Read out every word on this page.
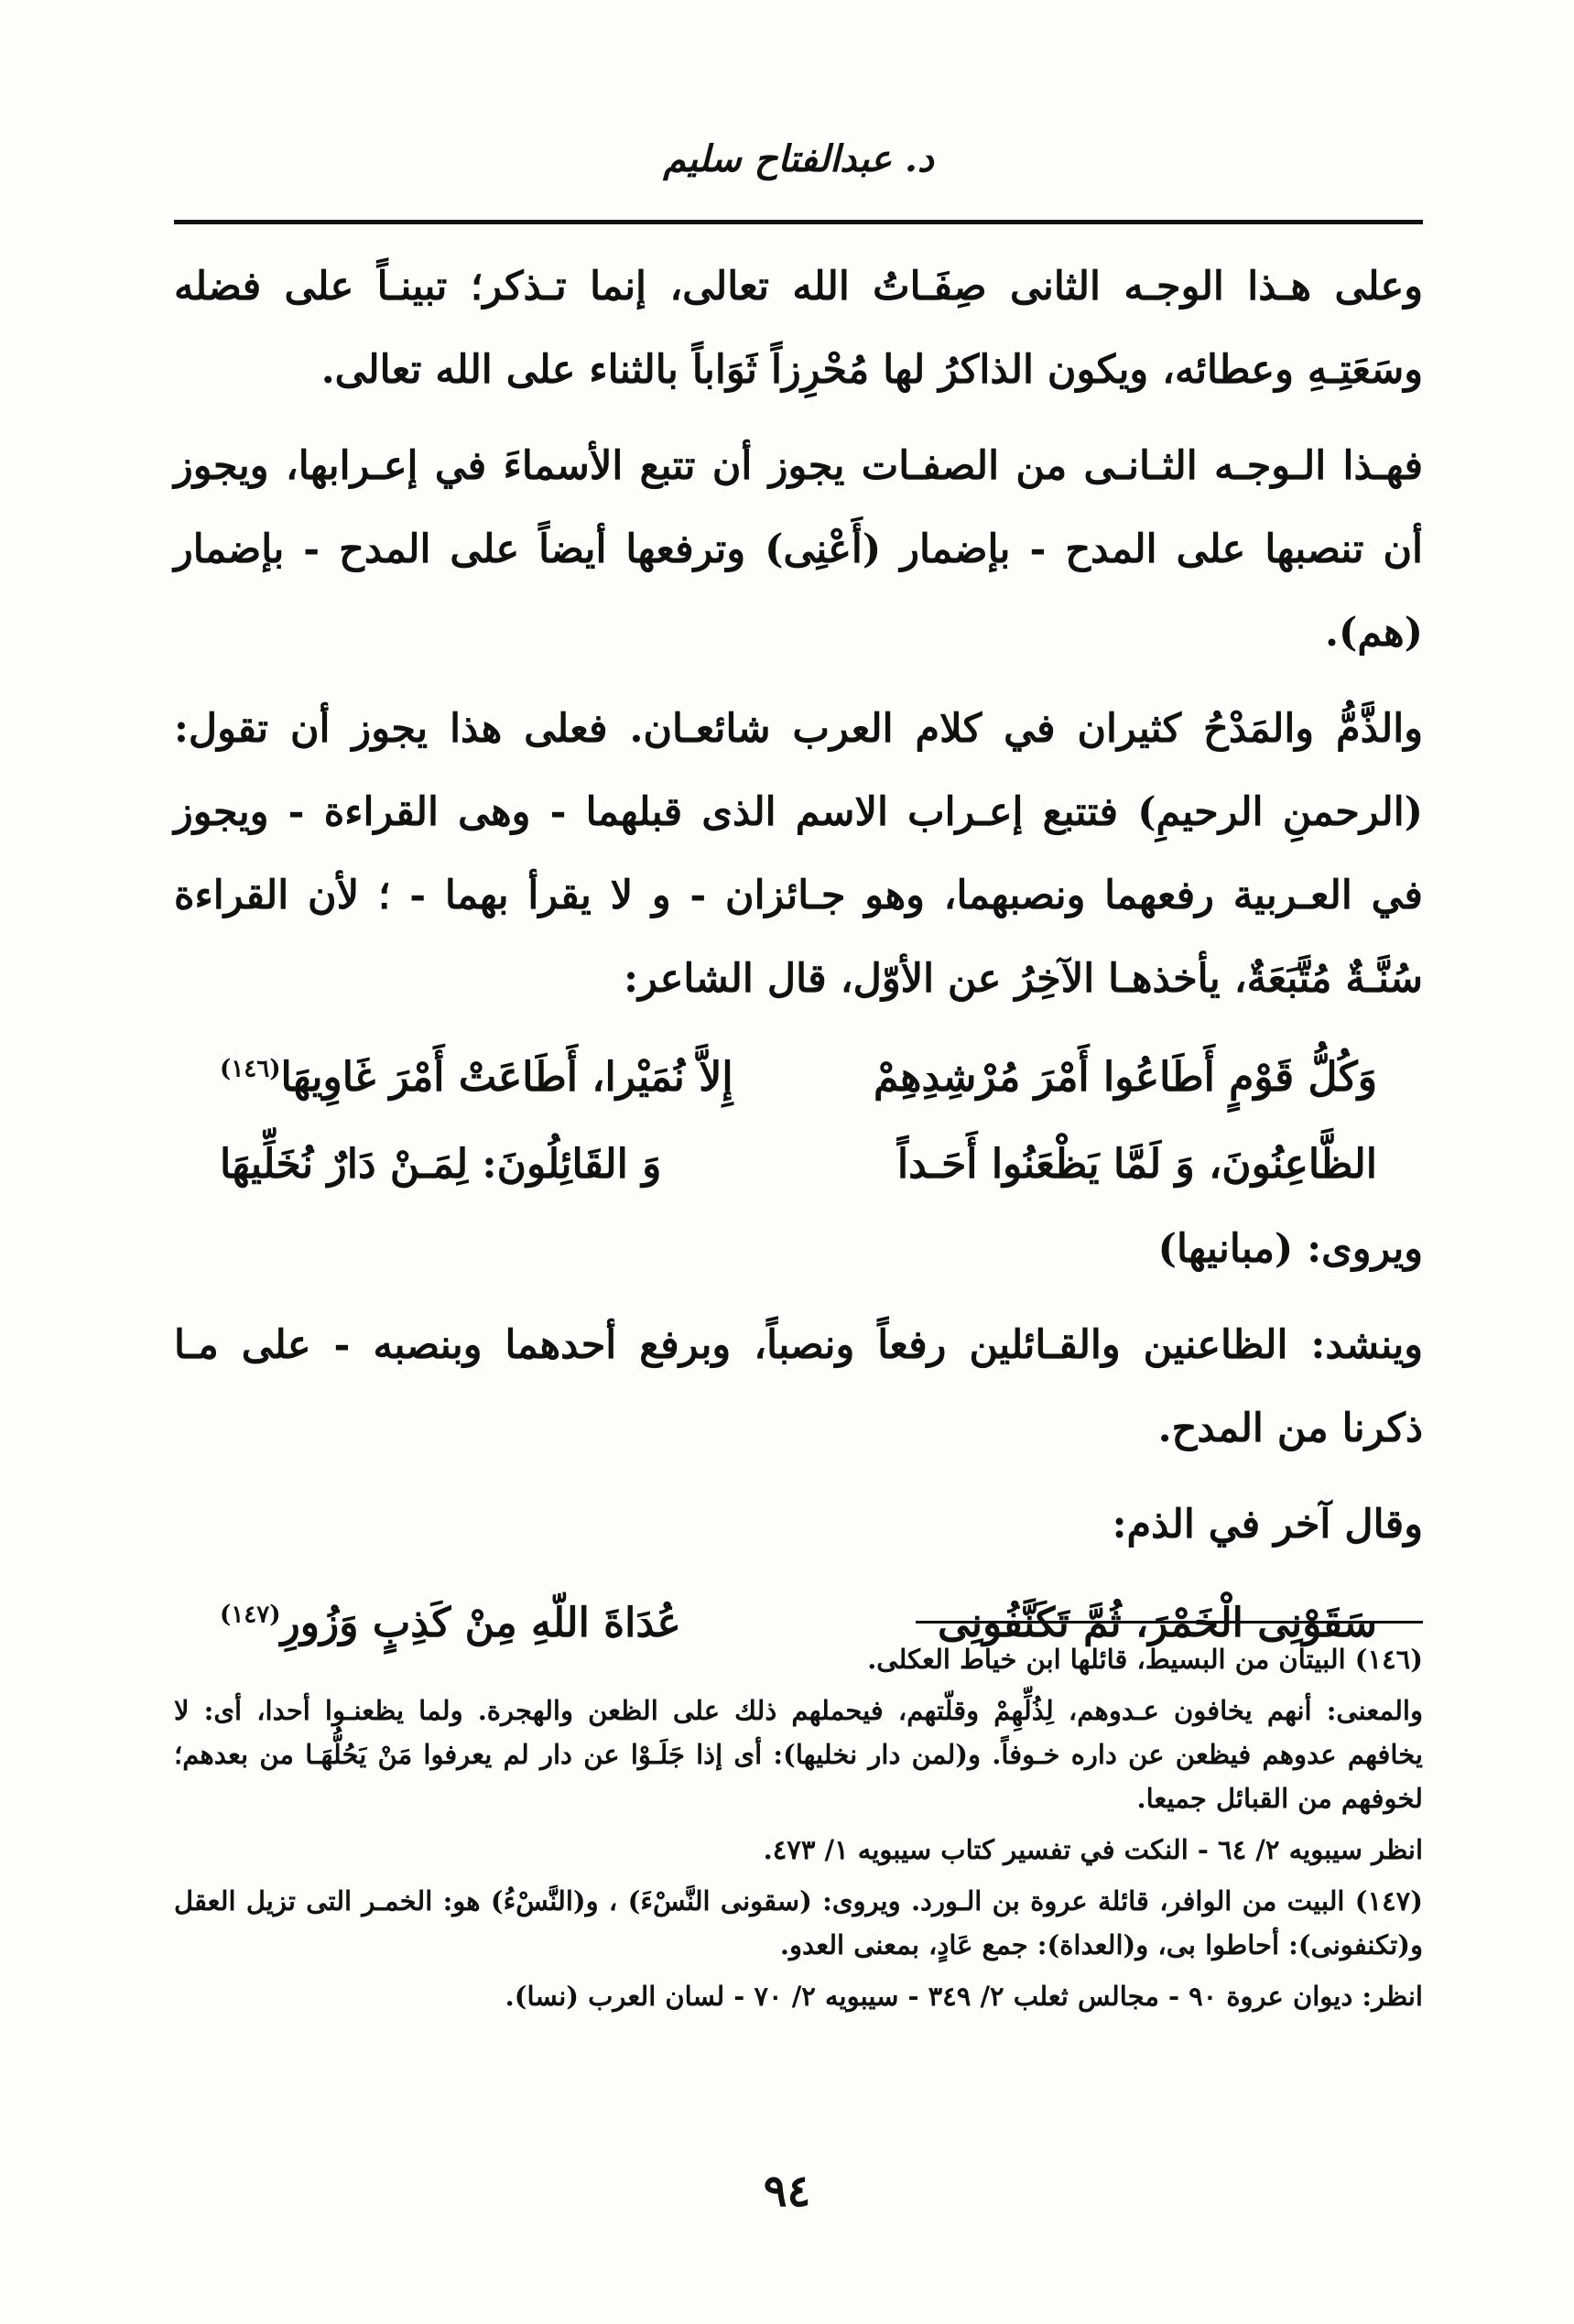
د. عبدالفتاح سليم

وعلى هـذا الوجـه الثانى صِفَـاتُ الله تعالى، إنما تـذكر؛ تبينـاً على فضله وسَعَتِـهِ وعطائه، ويكون الذاكرُ لها مُحْرِزاً ثَوَاباً بالثناء على الله تعالى.

فهـذا الـوجـه الثـانـى من الصفـات يجوز أن تتبع الأسماءَ في إعـرابها، ويجوز أن تنصبها على المدح - بإضمار (أَعْنِى) وترفعها أيضاً على المدح - بإضمار (هم).

والذَّمُّ والمَدْحُ كثيران في كلام العرب شائعـان. فعلى هذا يجوز أن تقول: (الرحمنِ الرحيمِ) فتتبع إعـراب الاسم الذى قبلهما - وهى القراءة - ويجوز في العـربية رفعهما ونصبهما، وهو جـائزان - و لا يقرأ بهما - ؛ لأن القراءة سُنَّـةٌ مُتَّبَعَةٌ، يأخذهـا الآخِرُ عن الأوّل، قال الشاعر:

وَكُلُّ قَوْمٍ أَطَاعُوا أَمْرَ مُرْشِدِهِمْ
إِلاَّ نُمَيْرا، أَطَاعَتْ أَمْرَ غَاوِيهَا$^{(١٤٦)}$
الظَّاعِنُونَ، وَ لَمَّا يَظْعَنُوا أَحَـداً
وَ القَائِلُونَ: لِمَـنْ دَارٌ نُخَلِّيهَا

ويروى: (مبانيها)

وينشد: الظاعنين والقـائلين رفعاً ونصباً، وبرفع أحدهما وبنصبه - على مـا ذكرنا من المدح.

وقال آخر في الذم:

سَقَوْنِى الْخَمْرَ، ثُمَّ تَكَنَّفُونِى
عُدَاةَ اللّهِ مِنْ كَذِبٍ وَزُورِ$^{(١٤٧)}$

(١٤٦) البيتان من البسيط، قائلها ابن خياط العكلى.

والمعنى: أنهم يخافون عـدوهم، لِذُلِّهِمْ وقلّتهم، فيحملهم ذلك على الظعن والهجرة. ولما يظعنـوا أحدا، أى: لا يخافهم عدوهم فيظعن عن داره خـوفاً. و(لمن دار نخليها): أى إذا جَلَـوْا عن دار لم يعرفوا مَنْ يَحُلُّهَـا من بعدهم؛ لخوفهم من القبائل جميعا.

انظر سيبويه ٢/ ٦٤ - النكت في تفسير كتاب سيبويه ١/ ٤٧٣.

(١٤٧) البيت من الوافر، قائلة عروة بن الـورد. ويروى: (سقونى النَّسْءَ) ، و(النَّسْءُ) هو: الخمـر التى تزيل العقل و(تكنفونى): أحاطوا بى، و(العداة): جمع عَادٍ، بمعنى العدو.

انظر: ديوان عروة ٩٠ - مجالس ثعلب ٢/ ٣٤٩ - سيبويه ٢/ ٧٠ - لسان العرب (نسا).

٩٤
